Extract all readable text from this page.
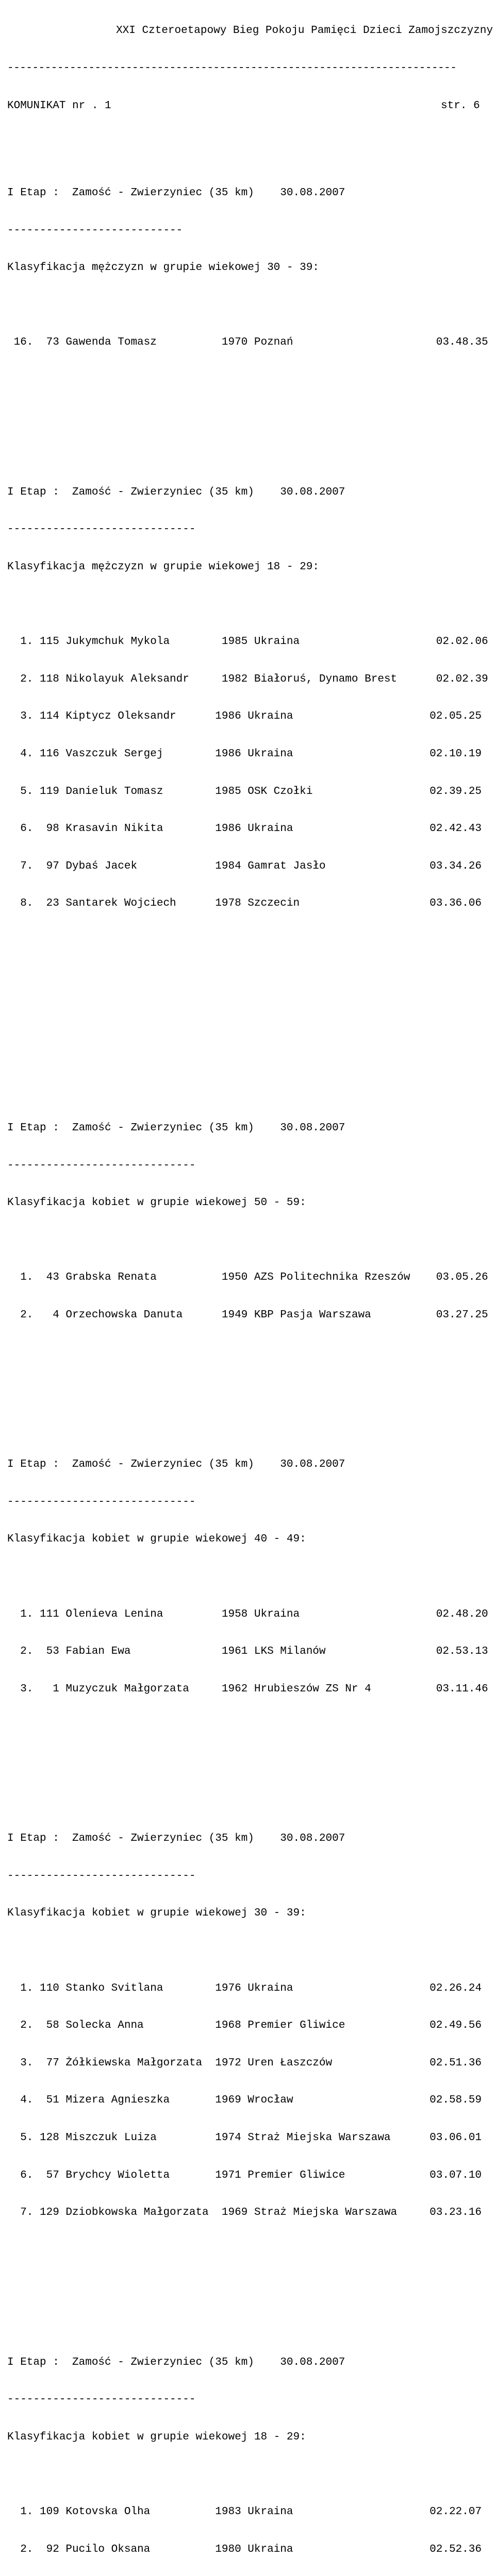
XXI Czteroetapowy Bieg Pokoju Pamięci Dzieci Zamojszczyzny

------------------------------------------------------------------------

KOMUNIKAT nr . 1	str. 6

I Etap :  Zamość - Zwierzyniec (35 km)    30.08.2007

---------------------------

Klasyfikacja mężczyzn w grupie wiekowej 30 - 39:

16.  73 Gawenda Tomasz          1970 Poznań                      03.48.35

I Etap :  Zamość - Zwierzyniec (35 km)    30.08.2007

-----------------------------

Klasyfikacja mężczyzn w grupie wiekowej 18 - 29:

1. 115 Jukymchuk Mykola        1985 Ukraina                     02.02.06

2. 118 Nikolayuk Aleksandr     1982 Białoruś, Dynamo Brest      02.02.39

3. 114 Kiptycz Oleksandr      1986 Ukraina                     02.05.25

4. 116 Vaszczuk Sergej        1986 Ukraina                     02.10.19

5. 119 Danieluk Tomasz        1985 OSK Czołki                  02.39.25

6.  98 Krasavin Nikita        1986 Ukraina                     02.42.43

7.  97 Dybaś Jacek            1984 Gamrat Jasło                03.34.26

8.  23 Santarek Wojciech      1978 Szczecin                    03.36.06

I Etap :  Zamość - Zwierzyniec (35 km)    30.08.2007

-----------------------------

Klasyfikacja kobiet w grupie wiekowej 50 - 59:

1.  43 Grabska Renata          1950 AZS Politechnika Rzeszów    03.05.26

2.   4 Orzechowska Danuta      1949 KBP Pasja Warszawa          03.27.25

I Etap :  Zamość - Zwierzyniec (35 km)    30.08.2007

-----------------------------

Klasyfikacja kobiet w grupie wiekowej 40 - 49:

1. 111 Olenieva Lenina         1958 Ukraina                     02.48.20

2.  53 Fabian Ewa              1961 LKS Milanów                 02.53.13

3.   1 Muzyczuk Małgorzata     1962 Hrubieszów ZS Nr 4          03.11.46

I Etap :  Zamość - Zwierzyniec (35 km)    30.08.2007

-----------------------------

Klasyfikacja kobiet w grupie wiekowej 30 - 39:

1. 110 Stanko Svitlana        1976 Ukraina                     02.26.24

2.  58 Solecka Anna           1968 Premier Gliwice             02.49.56

3.  77 Żółkiewska Małgorzata  1972 Uren Łaszczów               02.51.36

4.  51 Mizera Agnieszka       1969 Wrocław                     02.58.59

5. 128 Miszczuk Luiza         1974 Straż Miejska Warszawa      03.06.01

6.  57 Brychcy Wioletta       1971 Premier Gliwice             03.07.10

7. 129 Dziobkowska Małgorzata  1969 Straż Miejska Warszawa     03.23.16

I Etap :  Zamość - Zwierzyniec (35 km)    30.08.2007

-----------------------------

Klasyfikacja kobiet w grupie wiekowej 18 - 29:

1. 109 Kotovska Olha          1983 Ukraina                     02.22.07

2.  92 Pucilo Oksana          1980 Ukraina                     02.52.36
